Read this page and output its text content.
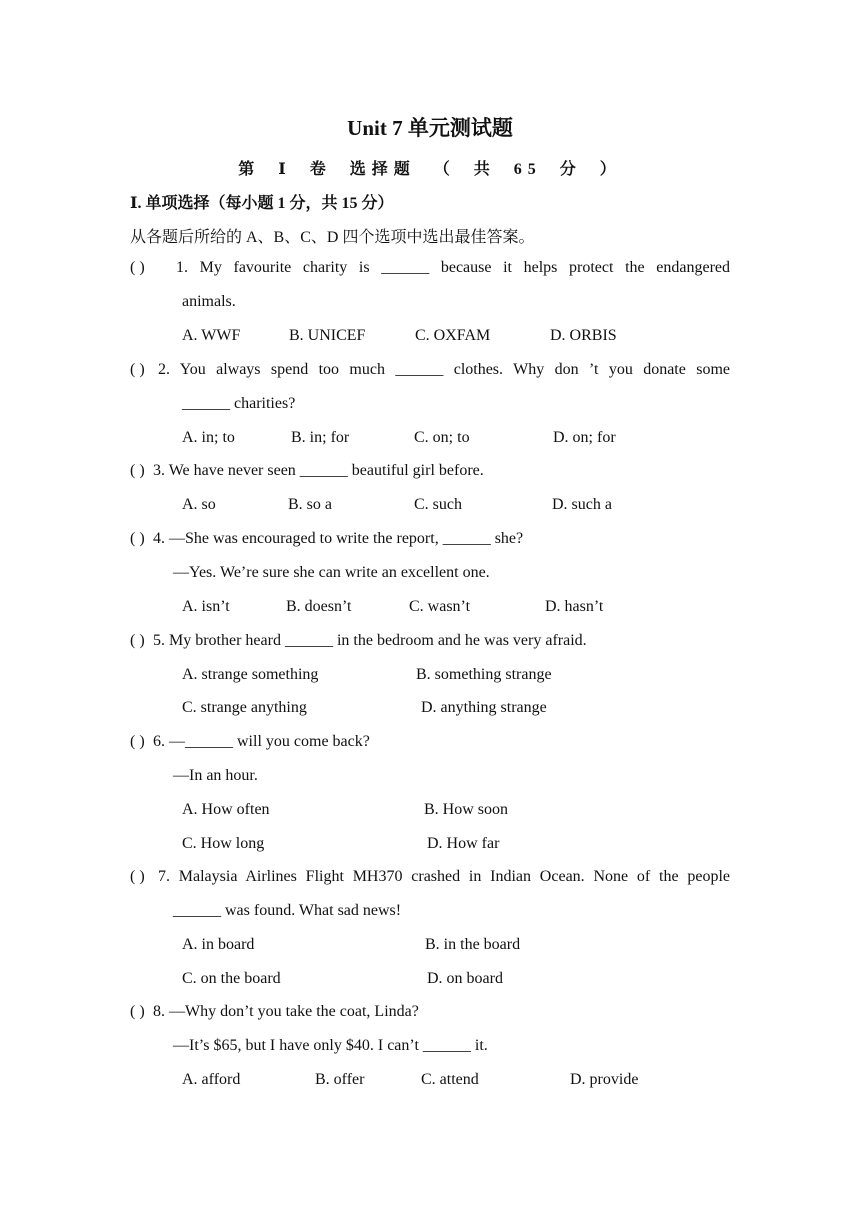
Unit 7 单元测试题
第 Ⅰ 卷 选择题 （ 共 65 分 ）
Ⅰ. 单项选择（每小题 1 分，共 15 分）
从各题后所给的 A、B、C、D 四个选项中选出最佳答案。
( ) 1. My favourite charity is ______ because it helps protect the endangered
animals.
A. WWF	B. UNICEF	C. OXFAM	D. ORBIS
( ) 2. You always spend too much ______ clothes. Why don ’t you donate some
______ charities?
A. in; to	B. in; for	C. on; to	D. on; for
( ) 3. We have never seen ______ beautiful girl before.
A. so	B. so a	C. such	D. such a
( ) 4. —She was encouraged to write the report, ______ she?
—Yes. We’re sure she can write an excellent one.
A. isn’t	B. doesn’t	C. wasn’t	D. hasn’t
( ) 5. My brother heard ______ in the bedroom and he was very afraid.
A. strange something	B. something strange
C. strange anything	D. anything strange
( ) 6. —______ will you come back?
—In an hour.
A. How often	B. How soon
C. How long	D. How far
( ) 7. Malaysia Airlines Flight MH370 crashed in Indian Ocean. None of the people
______ was found. What sad news!
A. in board	B. in the board
C. on the board	D. on board
( ) 8. —Why don’t you take the coat, Linda?
—It’s $65, but I have only $40. I can’t ______ it.
A. afford	B. offer	C. attend	D. provide
